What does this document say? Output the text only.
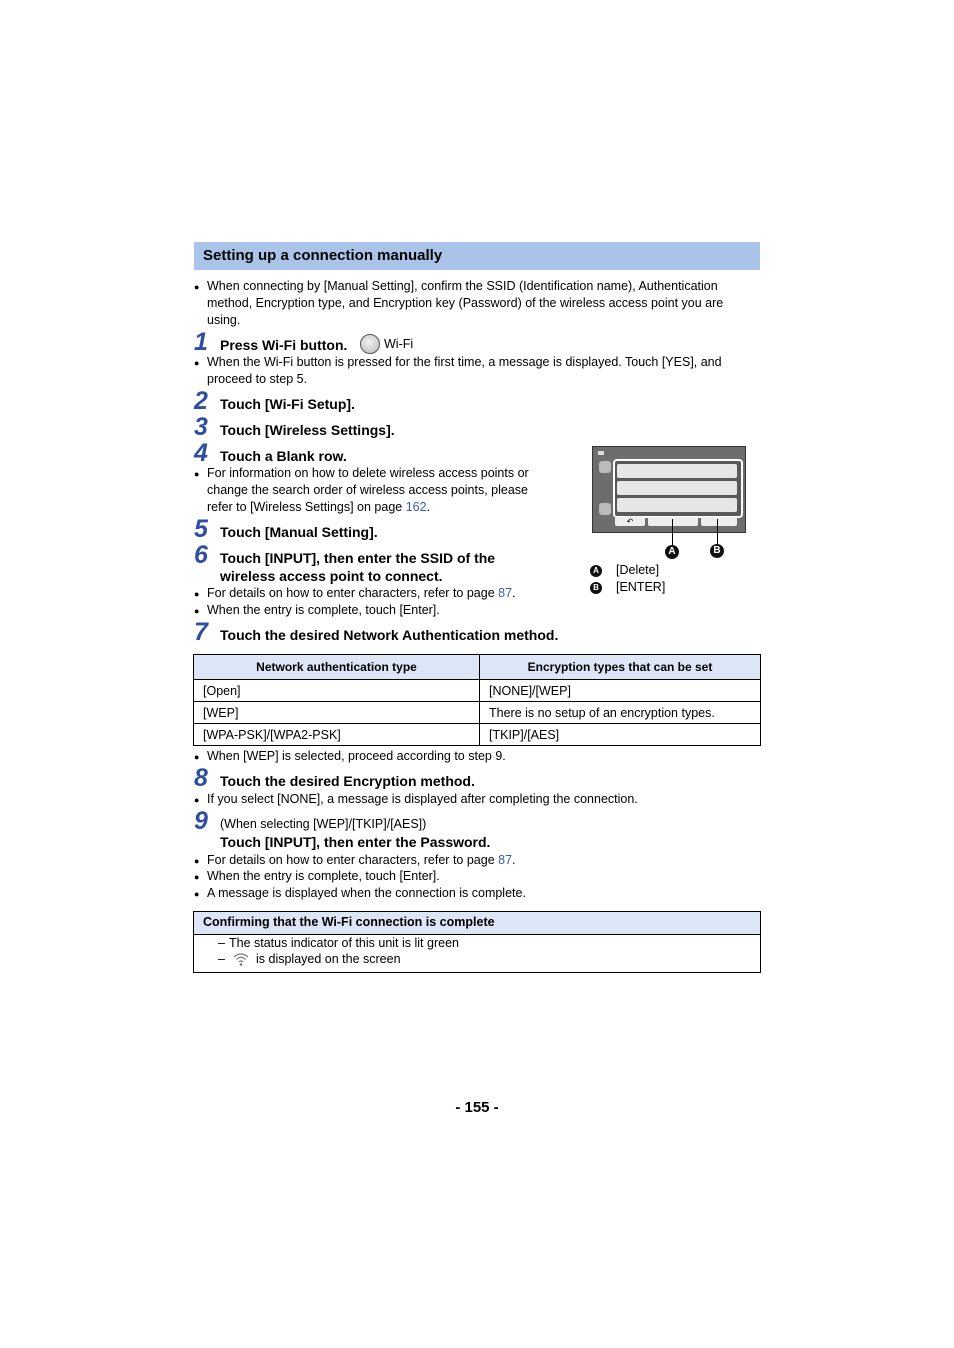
Setting up a connection manually
● When connecting by [Manual Setting], confirm the SSID (Identification name), Authentication method, Encryption type, and Encryption key (Password) of the wireless access point you are using.
1 Press Wi-Fi button.	Wi-Fi
● When the Wi-Fi button is pressed for the first time, a message is displayed. Touch [YES], and proceed to step 5.
2 Touch [Wi-Fi Setup].
3 Touch [Wireless Settings].
4 Touch a Blank row.
● For information on how to delete wireless access points or change the search order of wireless access points, please refer to [Wireless Settings] on page 162.
5 Touch [Manual Setting].
6 Touch [INPUT], then enter the SSID of the
wireless access point to connect.
● For details on how to enter characters, refer to page 87.
● When the entry is complete, touch [Enter].
↶
A	B
A [Delete]
B [ENTER]
7 Touch the desired Network Authentication method.
Network authentication type	Encryption types that can be set
[Open]	[NONE]/[WEP]
[WEP]	There is no setup of an encryption types.
[WPA-PSK]/[WPA2-PSK]	[TKIP]/[AES]
● When [WEP] is selected, proceed according to step 9.
8 Touch the desired Encryption method.
● If you select [NONE], a message is displayed after completing the connection.
9 (When selecting [WEP]/[TKIP]/[AES])
Touch [INPUT], then enter the Password.
● For details on how to enter characters, refer to page 87.
● When the entry is complete, touch [Enter].
● A message is displayed when the connection is complete.
Confirming that the Wi-Fi connection is complete
– The status indicator of this unit is lit green
– is displayed on the screen
- 155 -
